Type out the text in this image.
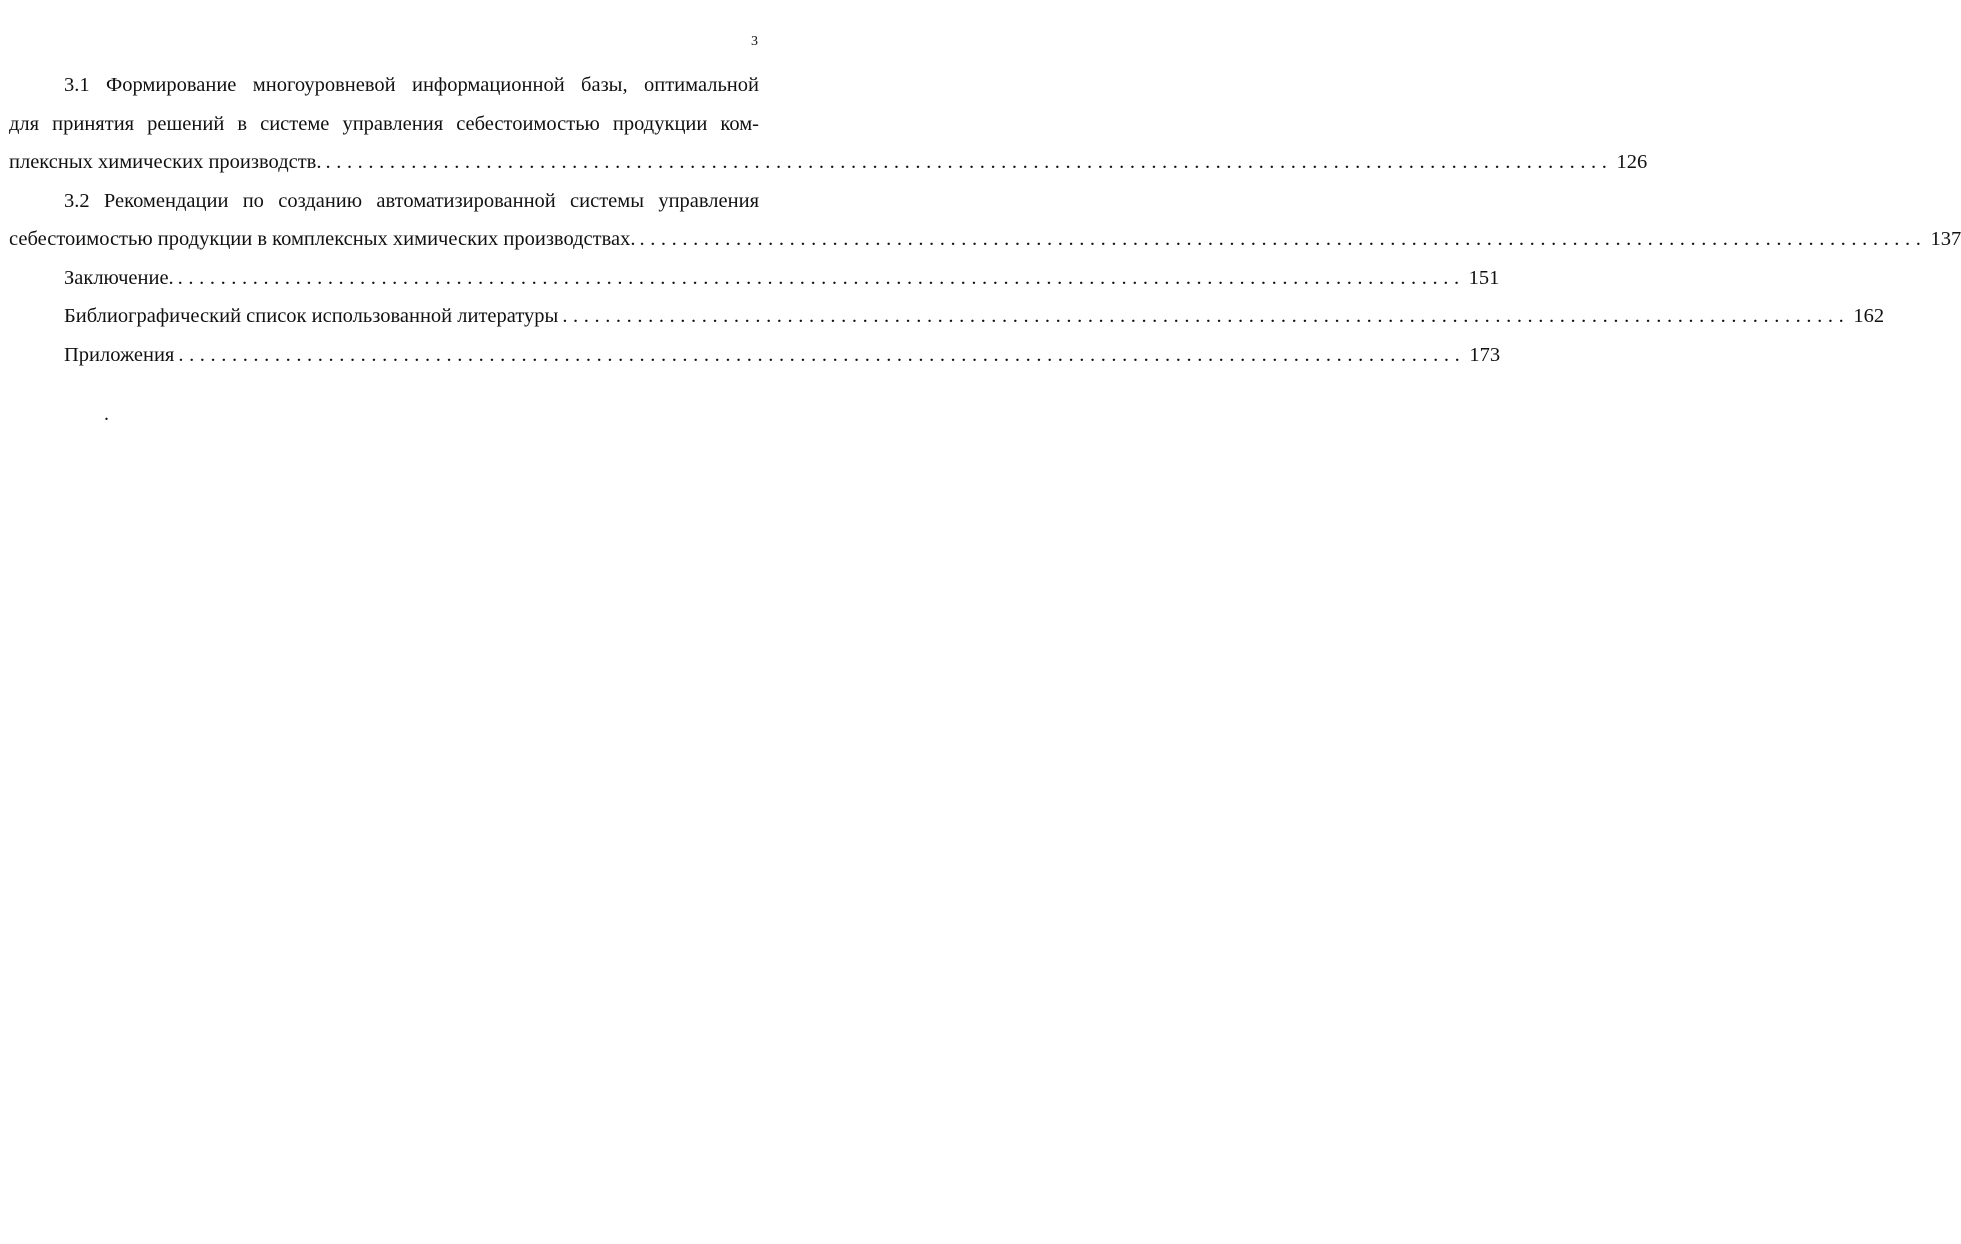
3
3.1 Формирование многоуровневой информационной базы, оптимальной
для принятия решений в системе управления себестоимостью продукции ком-
плексных химических производств. ........................................................................................................................ 126
3.2 Рекомендации по созданию автоматизированной системы управления
себестоимостью продукции в комплексных химических производствах. ........................................................................................................................ 137
Заключение. ........................................................................................................................ 151
Библиографический список использованной литературы ........................................................................................................................ 162
Приложения ........................................................................................................................ 173
.
